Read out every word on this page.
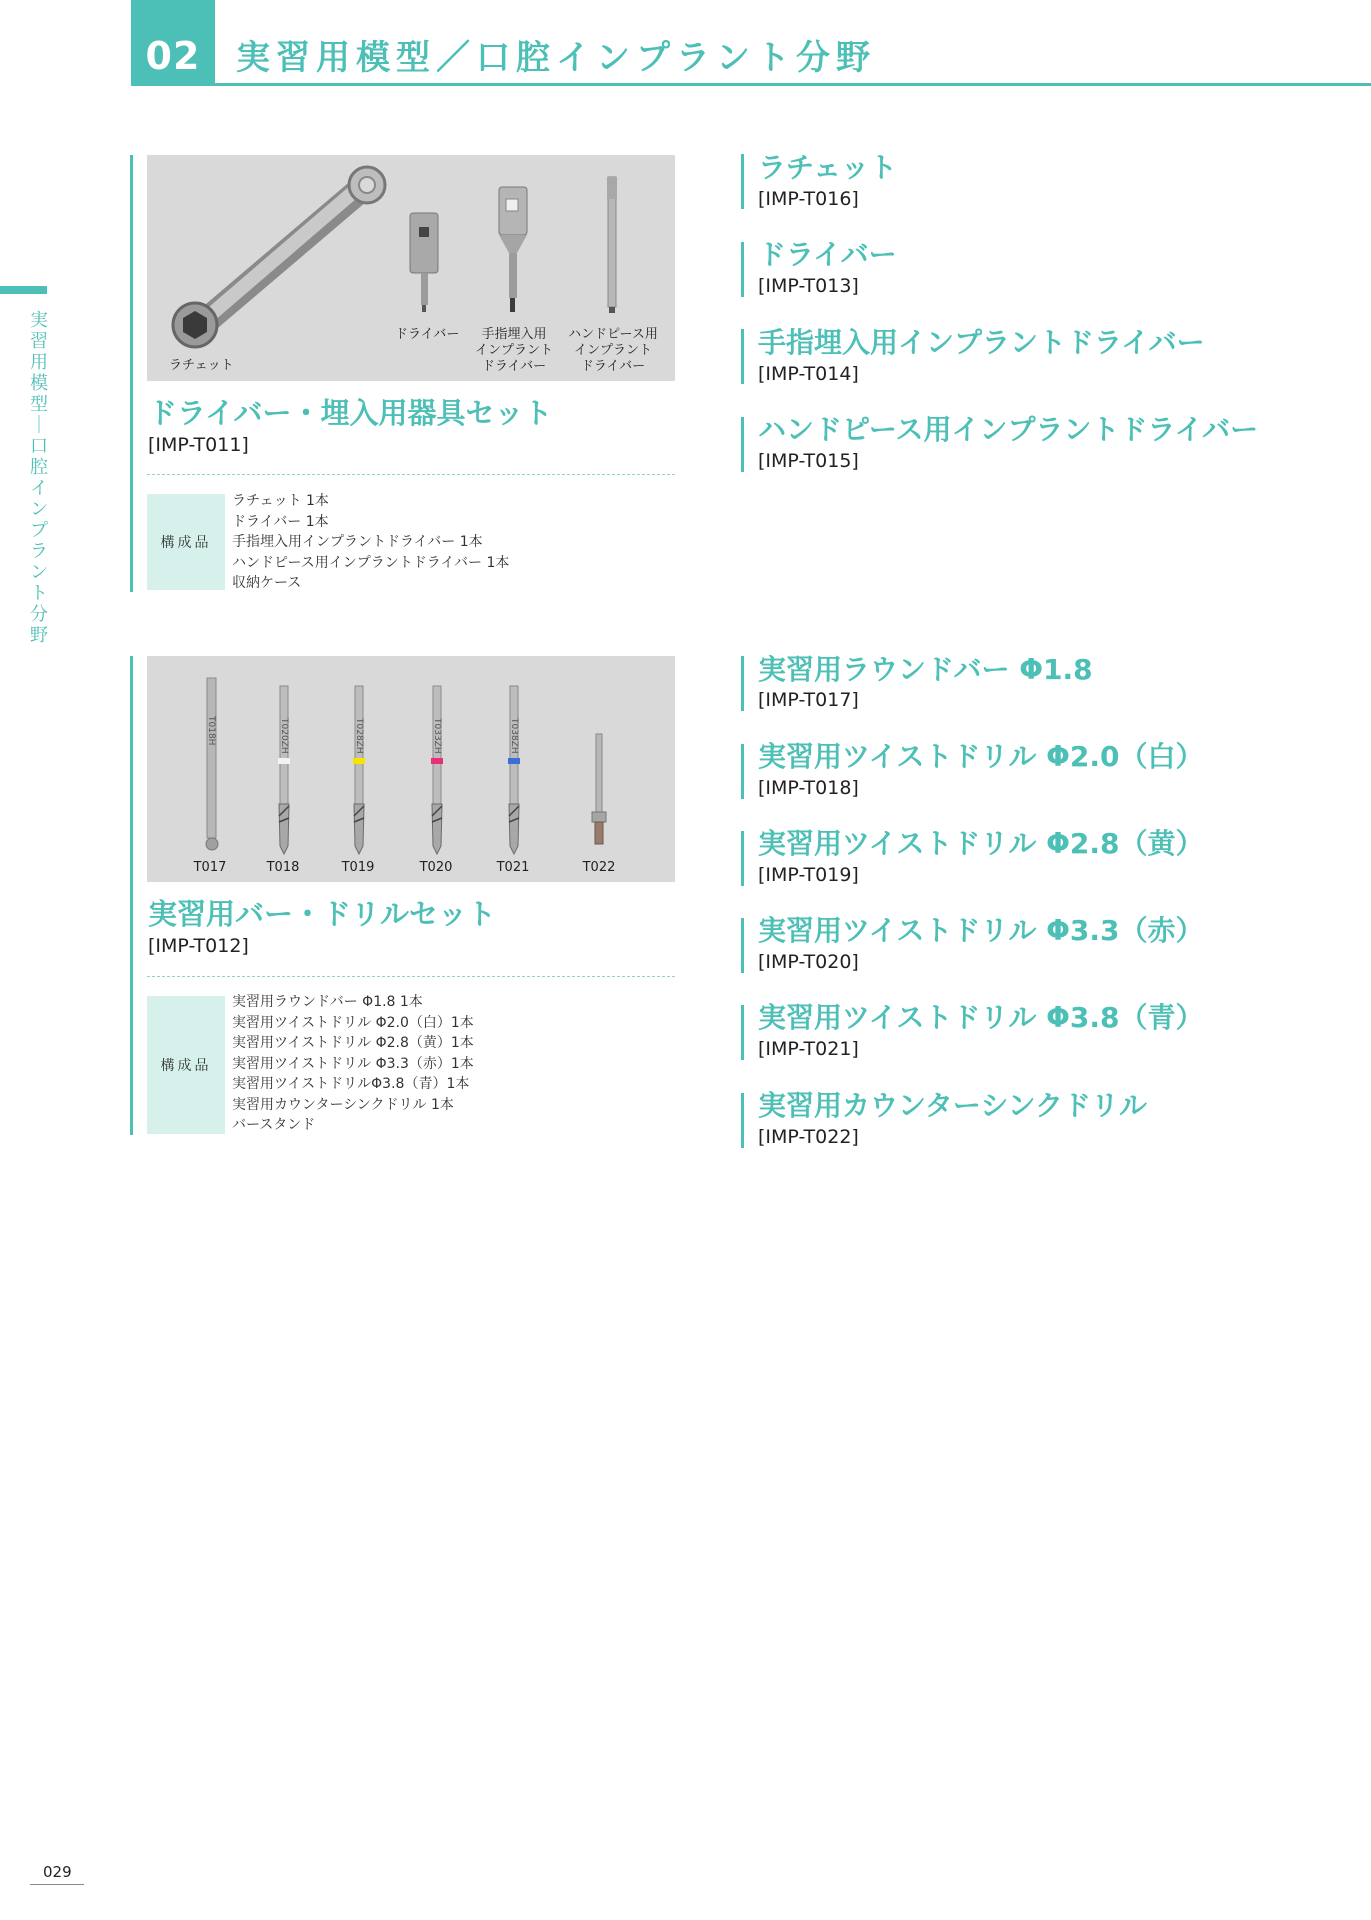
02	実習用模型／口腔インプラント分野
実習用模型｜口腔インプラント分野
ラチェット
ドライバー	手指埋入用
インプラント
ドライバー
ハンドピース用
インプラント
ドライバー
ドライバー・埋入用器具セット
[IMP-T011]
構成品
ラチェット 1本
ドライバー 1本
手指埋入用インプラントドライバー 1本
ハンドピース用インプラントドライバー 1本
収納ケース
T018H	T020ZH	T028ZH	T033ZH	T038ZH
T017	T018	T019	T020	T021	T022
実習用バー・ドリルセット
[IMP-T012]
構成品
実習用ラウンドバー Φ1.8 1本
実習用ツイストドリル Φ2.0（白）1本
実習用ツイストドリル Φ2.8（黄）1本
実習用ツイストドリル Φ3.3（赤）1本
実習用ツイストドリルΦ3.8（青）1本
実習用カウンターシンクドリル 1本
バースタンド
ラチェット
[IMP-T016]
ドライバー
[IMP-T013]
手指埋入用インプラントドライバー
[IMP-T014]
ハンドピース用インプラントドライバー
[IMP-T015]
実習用ラウンドバー Φ1.8
[IMP-T017]
実習用ツイストドリル Φ2.0（白）
[IMP-T018]
実習用ツイストドリル Φ2.8（黄）
[IMP-T019]
実習用ツイストドリル Φ3.3（赤）
[IMP-T020]
実習用ツイストドリル Φ3.8（青）
[IMP-T021]
実習用カウンターシンクドリル
[IMP-T022]
029
